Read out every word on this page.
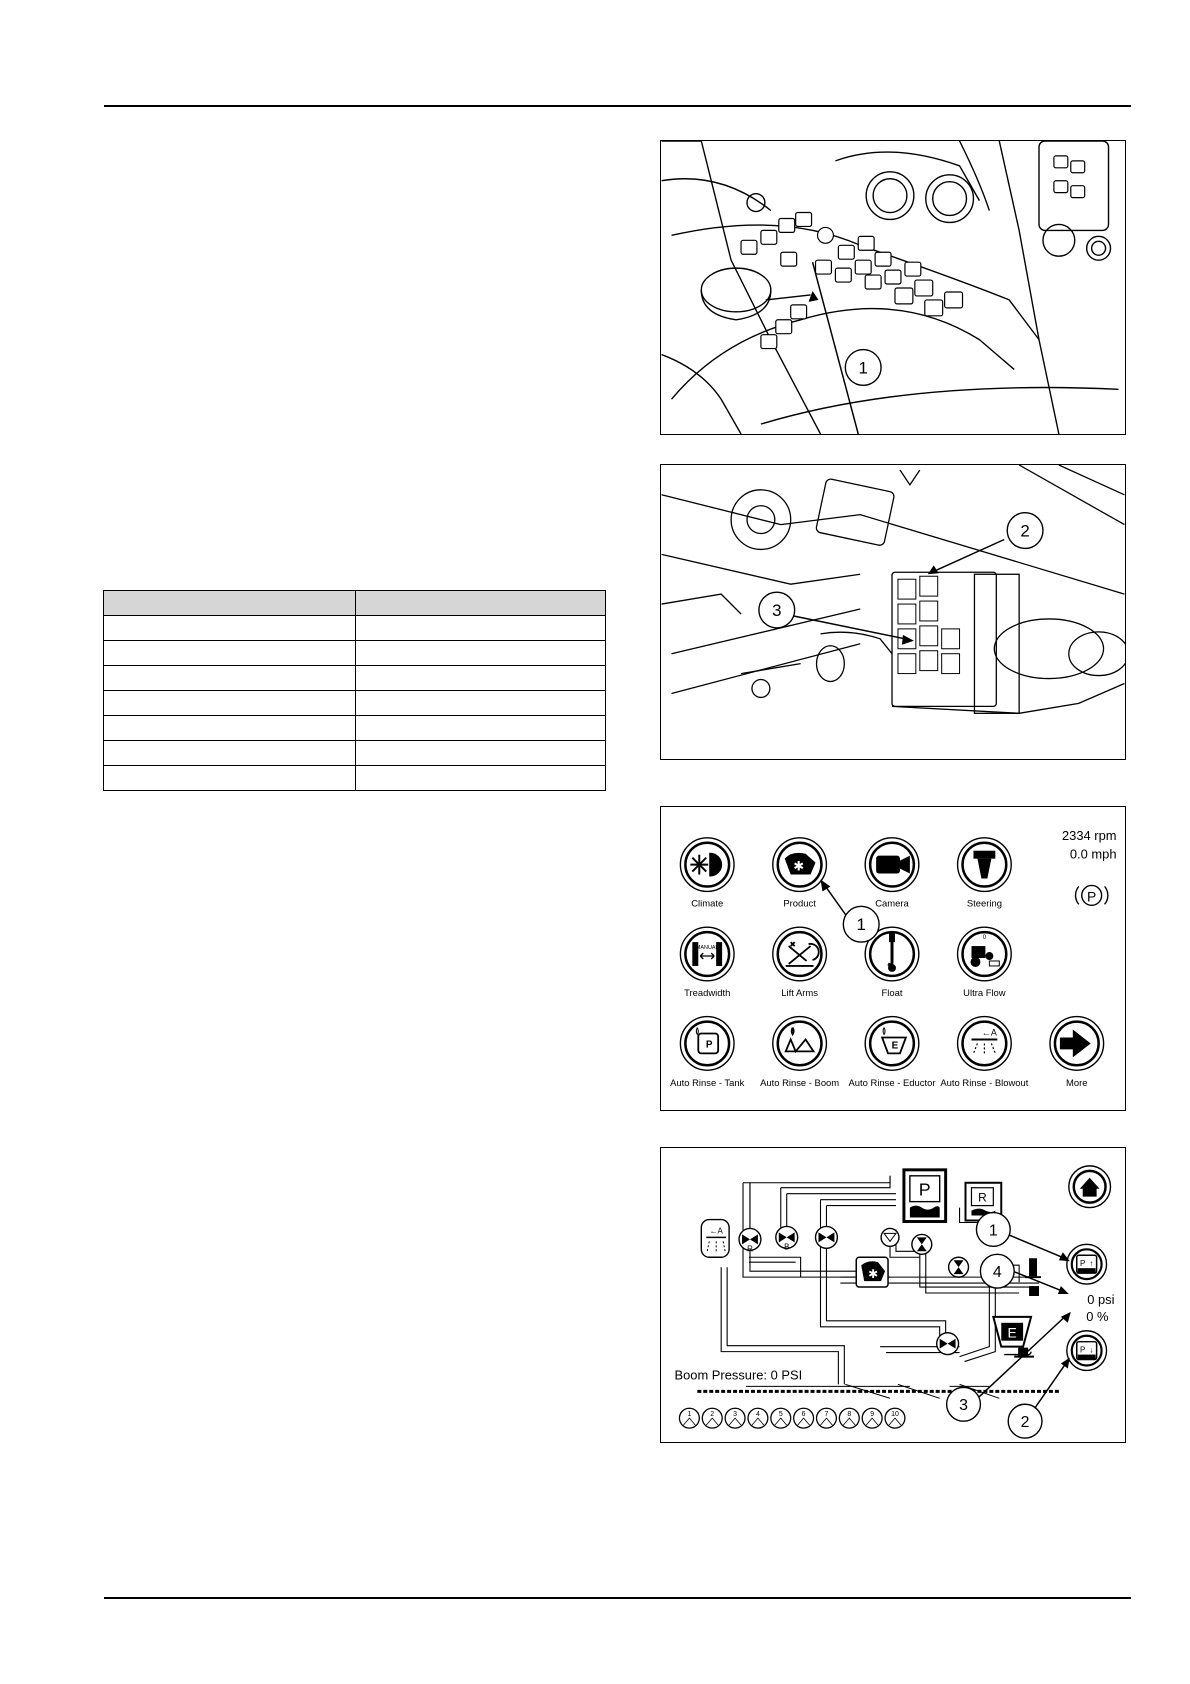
1
2
3

Climate
✱
Product	Camera	Steering
MANUAL
Treadwidth	Lift Arms	Float
0
Ultra Flow
P
Auto Rinse - Tank Auto Rinse - Boom
E
Auto Rinse - Eductor
←A
Auto Rinse - Blowout	More
2334 rpm
0.0 mph
P
1
←A
R	B
✱
P	R
E
P ↑
P ↓
0 psi
0 %
Boom Pressure: 0 PSI
1	2	3	4	5	6	7	8	9 10
1
4
3
2
